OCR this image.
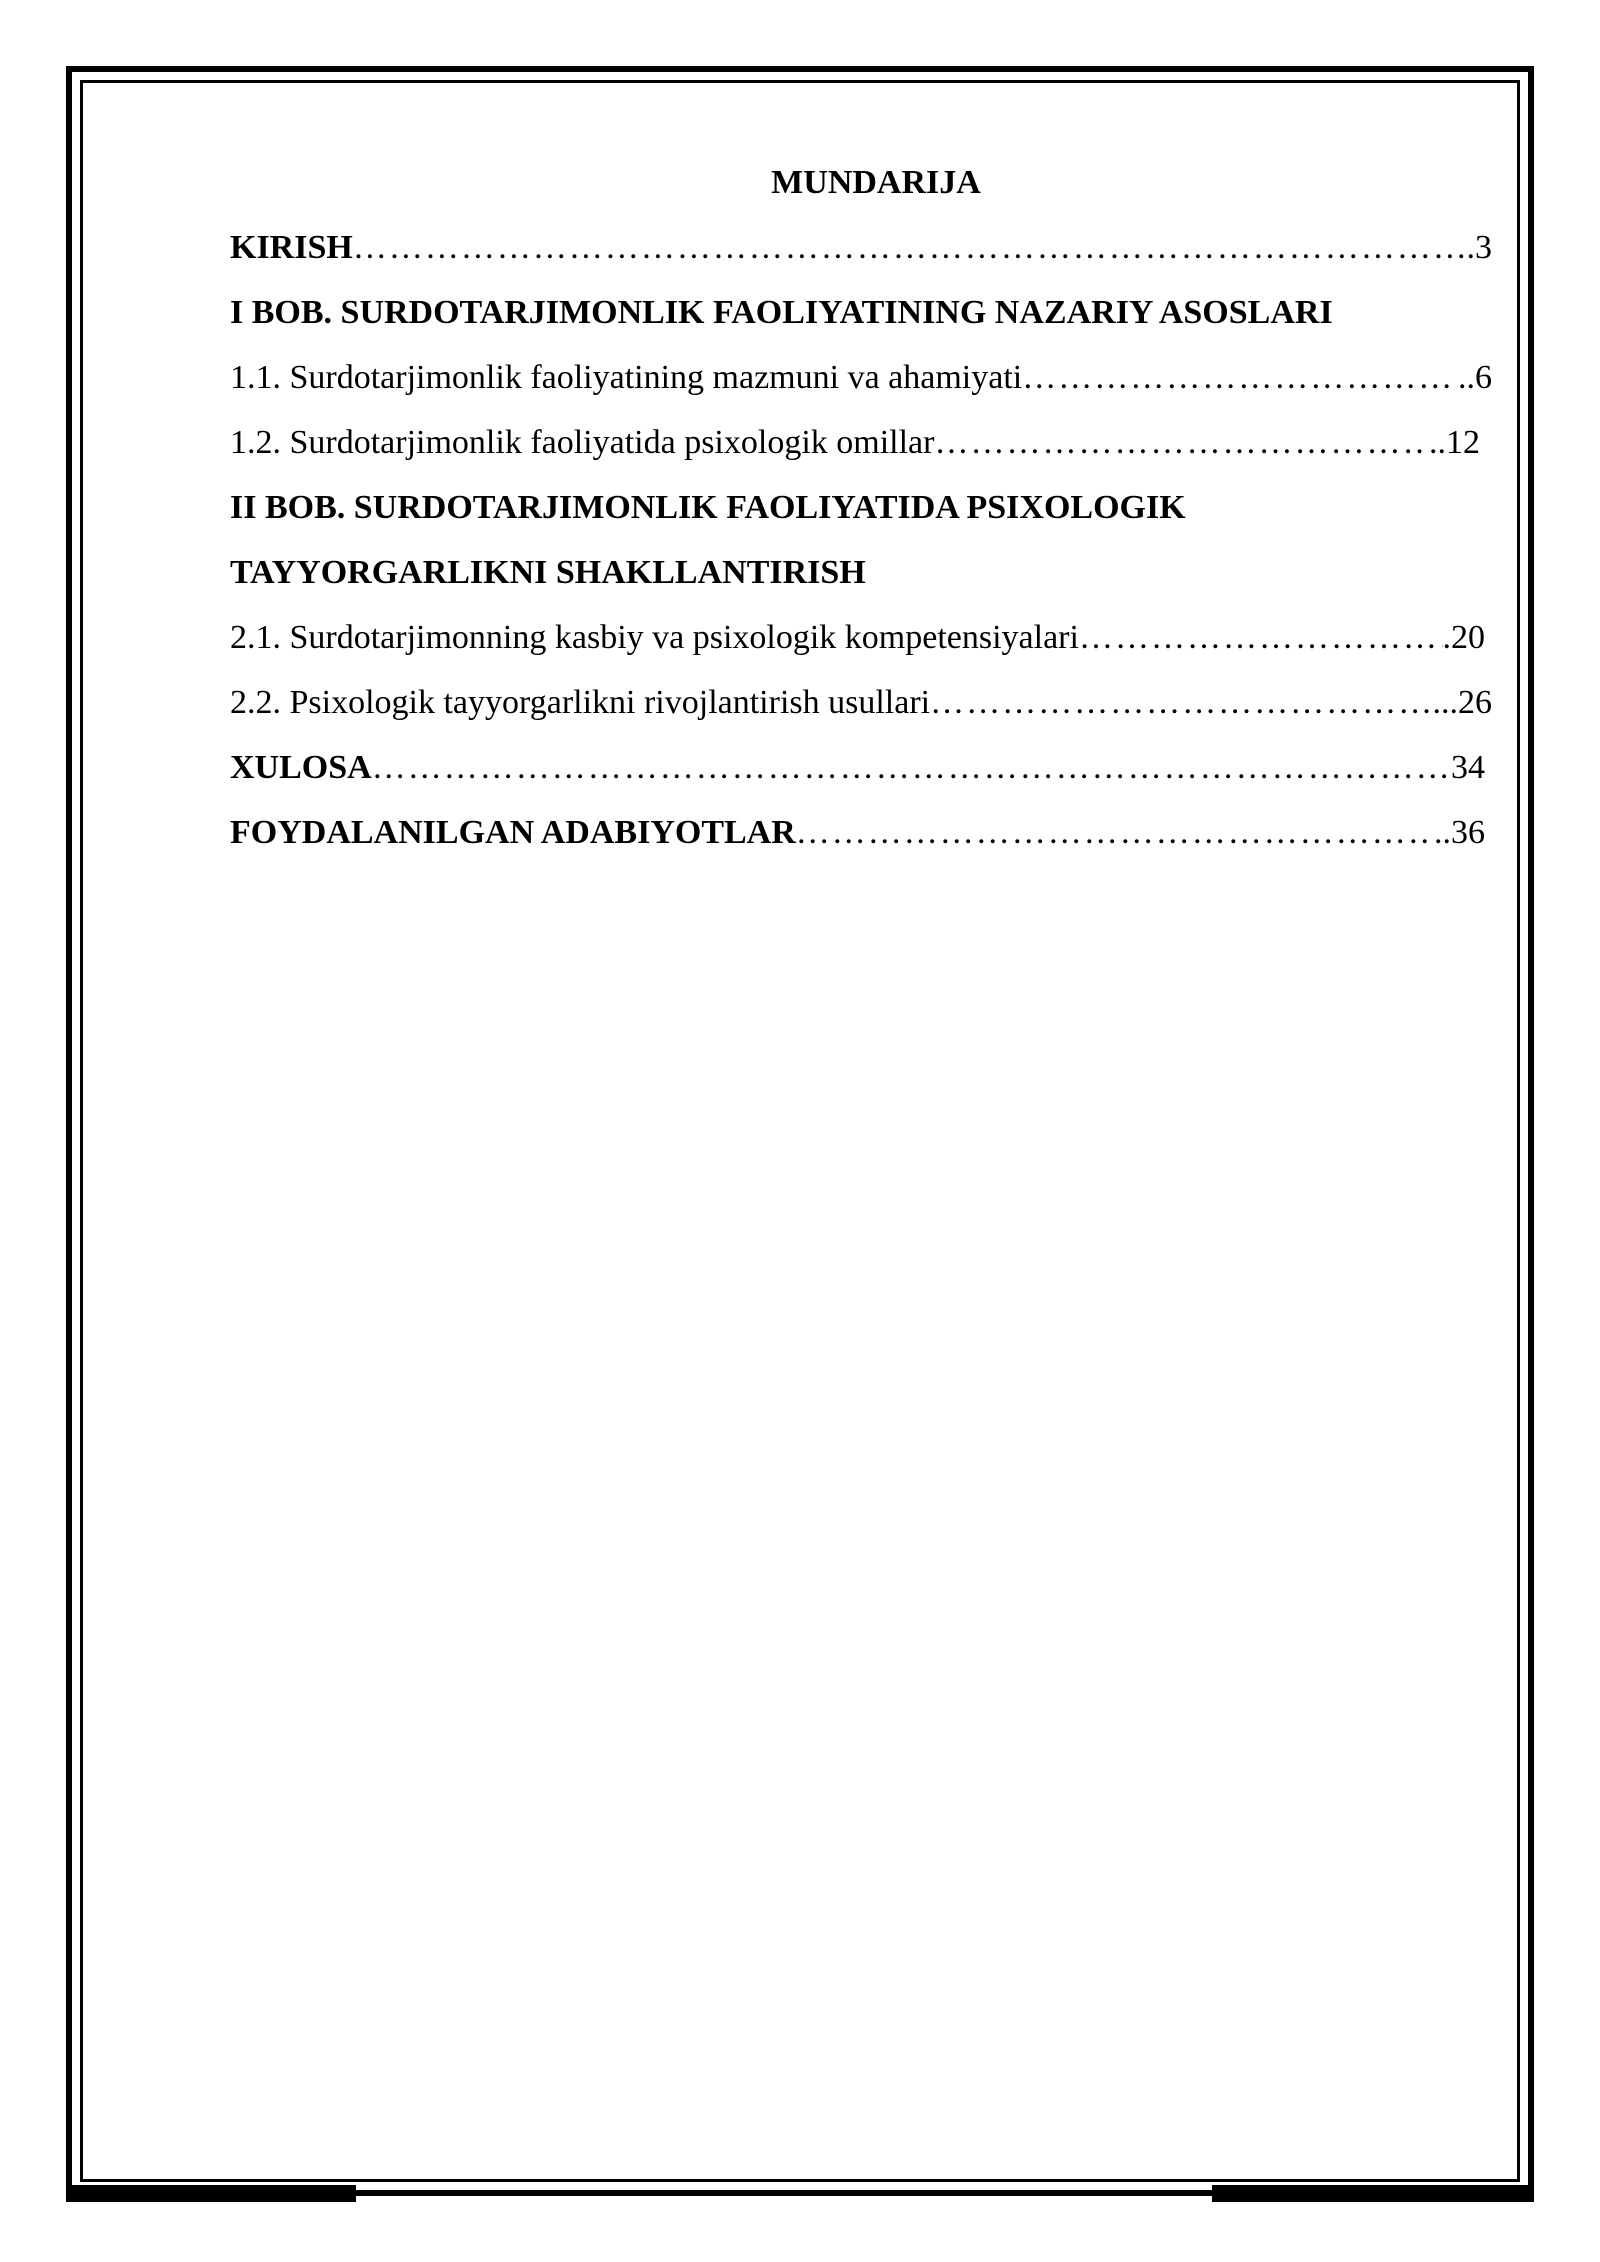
MUNDARIJA
KIRISH ………………………………………………………………………………………………………………………………………………………………	.3
I BOB. SURDOTARJIMONLIK FAOLIYATINING NAZARIY ASOSLARI
1.1. Surdotarjimonlik faoliyatining mazmuni va ahamiyati ………………………………………………………………………………………………………………………………………………………………	..6
1.2. Surdotarjimonlik faoliyatida psixologik omillar ………………………………………………………………………………………………………………………………………………………………	..12
II BOB. SURDOTARJIMONLIK FAOLIYATIDA PSIXOLOGIK
TAYYORGARLIKNI SHAKLLANTIRISH
2.1. Surdotarjimonning kasbiy va psixologik kompetensiyalari ………………………………………………………………………………………………………………………………………………………………	.20
2.2. Psixologik tayyorgarlikni rivojlantirish usullari ………………………………………………………………………………………………………………………………………………………………	...26
XULOSA ………………………………………………………………………………………………………………………………………………………………	34
FOYDALANILGAN ADABIYOTLAR ………………………………………………………………………………………………………………………………………………………………	..36
